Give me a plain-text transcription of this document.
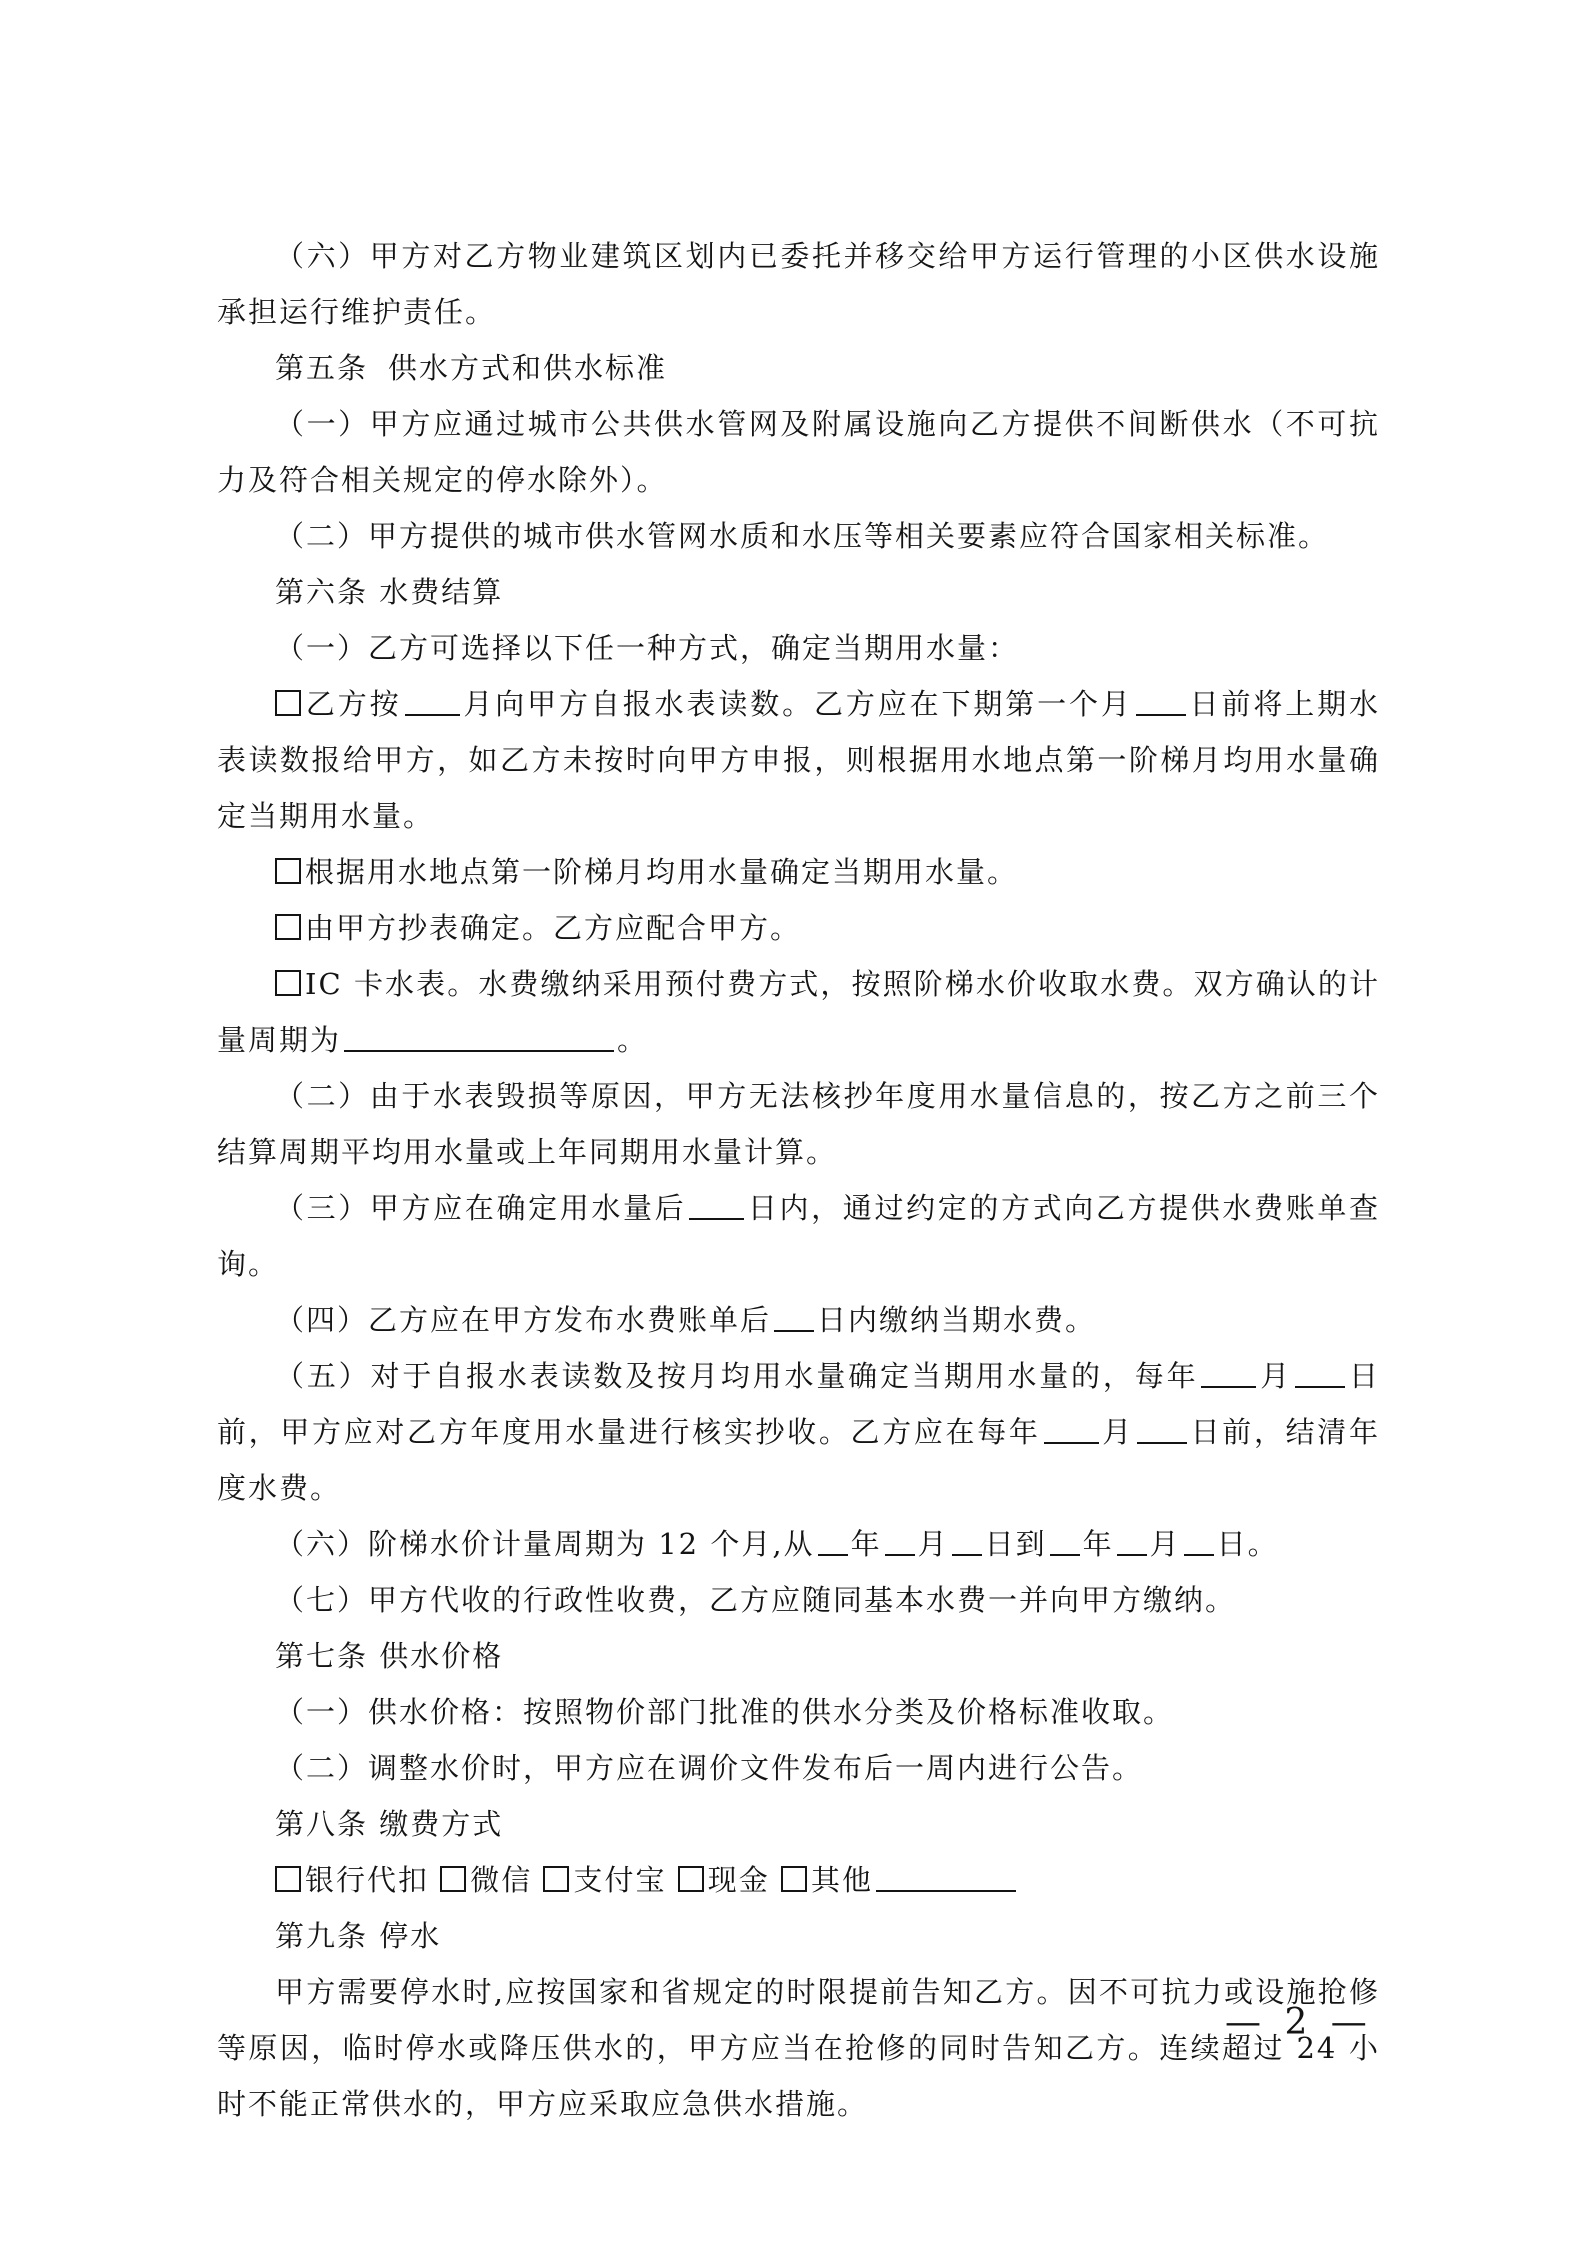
（六）甲方对乙方物业建筑区划内已委托并移交给甲方运行管理的小区供水设施承担运行维护责任。

第五条 供水方式和供水标准

（一）甲方应通过城市公共供水管网及附属设施向乙方提供不间断供水（不可抗力及符合相关规定的停水除外）。

（二）甲方提供的城市供水管网水质和水压等相关要素应符合国家相关标准。

第六条 水费结算

（一）乙方可选择以下任一种方式，确定当期用水量：

乙方按 月向甲方自报水表读数。乙方应在下期第一个月 日前将上期水表读数报给甲方，如乙方未按时向甲方申报，则根据用水地点第一阶梯月均用水量确定当期用水量。

根据用水地点第一阶梯月均用水量确定当期用水量。

由甲方抄表确定。乙方应配合甲方。

IC 卡水表。水费缴纳采用预付费方式，按照阶梯水价收取水费。双方确认的计量周期为	。

（二）由于水表毁损等原因，甲方无法核抄年度用水量信息的，按乙方之前三个结算周期平均用水量或上年同期用水量计算。

（三）甲方应在确定用水量后 日内，通过约定的方式向乙方提供水费账单查询。

（四）乙方应在甲方发布水费账单后 日内缴纳当期水费。

（五）对于自报水表读数及按月均用水量确定当期用水量的，每年 月 日前，甲方应对乙方年度用水量进行核实抄收。乙方应在每年 月 日前，结清年度水费。

（六）阶梯水价计量周期为 12 个月,从 年 月 日到 年 月 日。

（七）甲方代收的行政性收费，乙方应随同基本水费一并向甲方缴纳。

第七条 供水价格

（一）供水价格：按照物价部门批准的供水分类及价格标准收取。

（二）调整水价时，甲方应在调价文件发布后一周内进行公告。

第八条 缴费方式

银行代扣 微信 支付宝 现金 其他

第九条 停水

甲方需要停水时,应按国家和省规定的时限提前告知乙方。因不可抗力或设施抢修等原因，临时停水或降压供水的，甲方应当在抢修的同时告知乙方。连续超过 24 小时不能正常供水的，甲方应采取应急供水措施。

— 2 —
